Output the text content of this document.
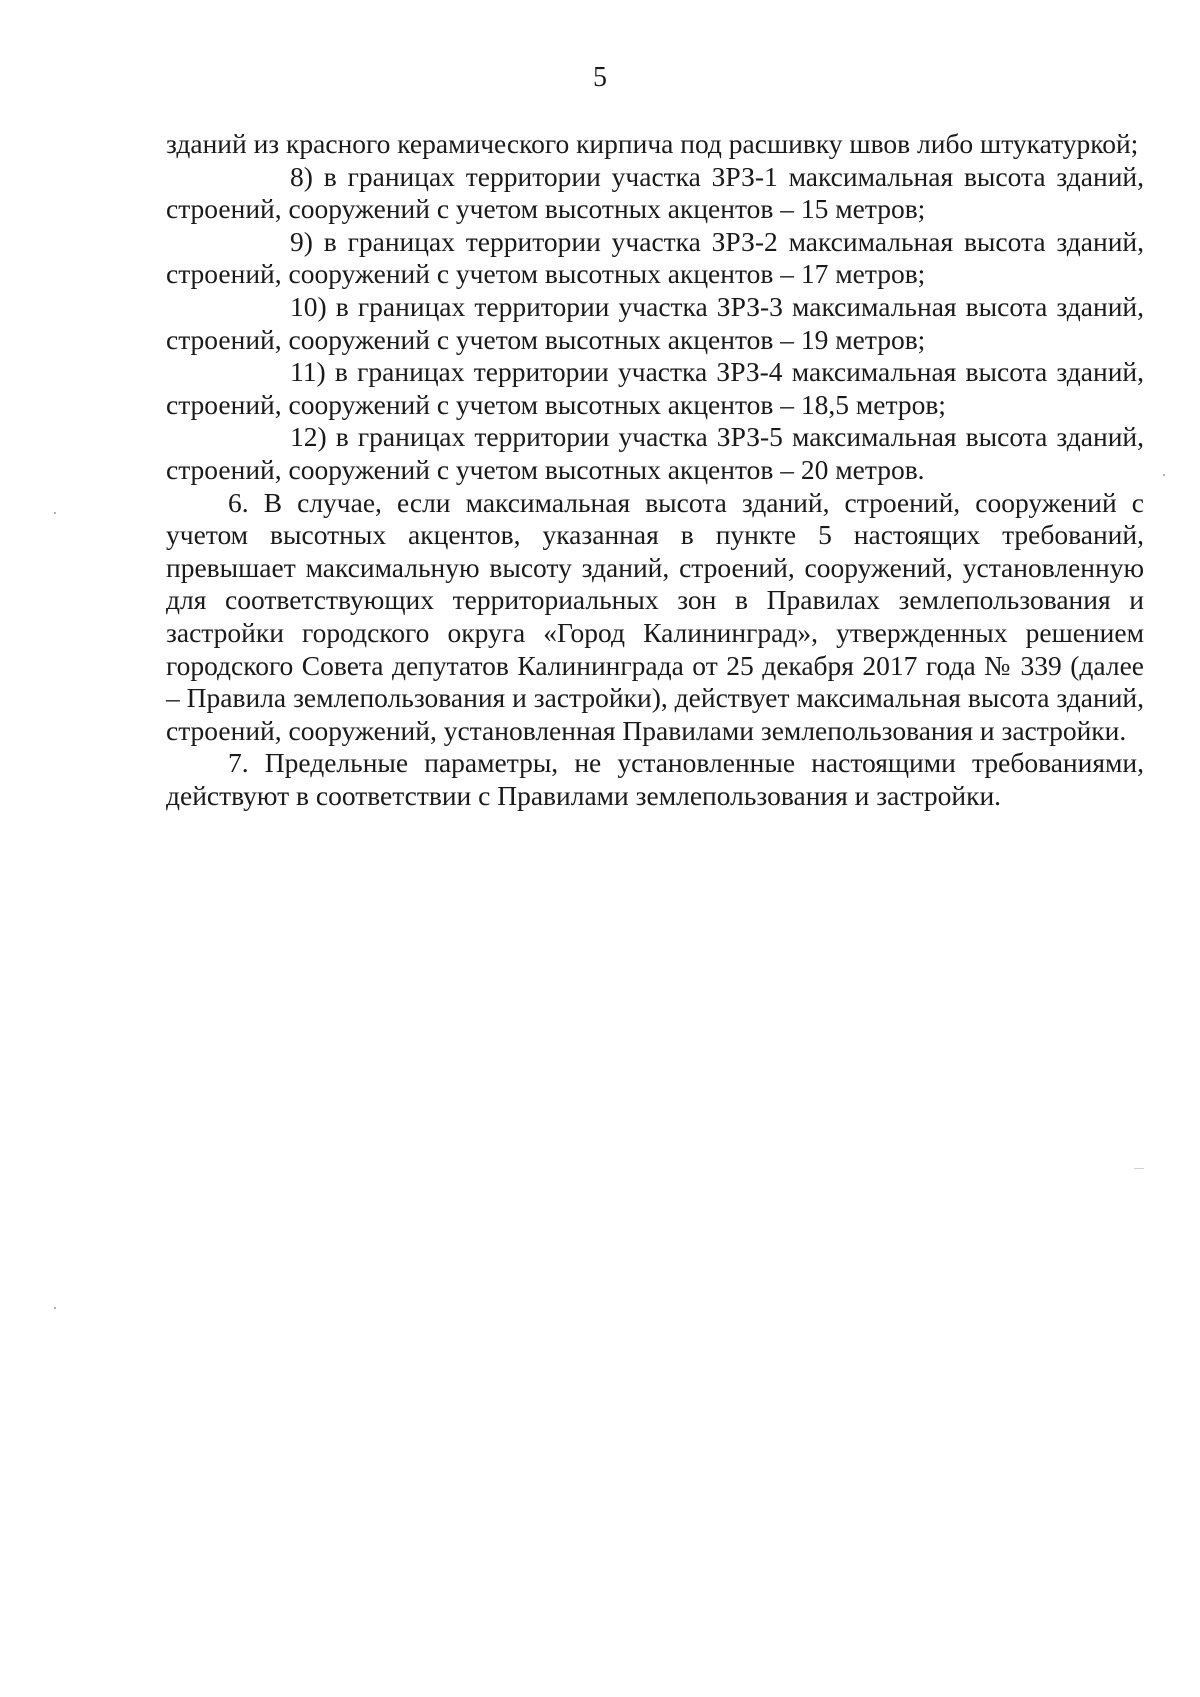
5

зданий из красного керамического кирпича под расшивку швов либо штукатуркой;

8) в границах территории участка ЗРЗ-1 максимальная высота зданий, строений, сооружений с учетом высотных акцентов – 15 метров;

9) в границах территории участка ЗРЗ-2 максимальная высота зданий, строений, сооружений с учетом высотных акцентов – 17 метров;

10) в границах территории участка ЗРЗ-3 максимальная высота зданий, строений, сооружений с учетом высотных акцентов – 19 метров;

11) в границах территории участка ЗРЗ-4 максимальная высота зданий, строений, сооружений с учетом высотных акцентов – 18,5 метров;

12) в границах территории участка ЗРЗ-5 максимальная высота зданий, строений, сооружений с учетом высотных акцентов – 20 метров.

6. В случае, если максимальная высота зданий, строений, сооружений с учетом высотных акцентов, указанная в пункте 5 настоящих требований, превышает максимальную высоту зданий, строений, сооружений, установленную для соответствующих территориальных зон в Правилах землепользования и застройки городского округа «Город Калининград», утвержденных решением городского Совета депутатов Калининграда от 25 декабря 2017 года № 339 (далее – Правила землепользования и застройки), действует максимальная высота зданий, строений, сооружений, установленная Правилами землепользования и застройки.

7. Предельные параметры, не установленные настоящими требованиями, действуют в соответствии с Правилами землепользования и застройки.
